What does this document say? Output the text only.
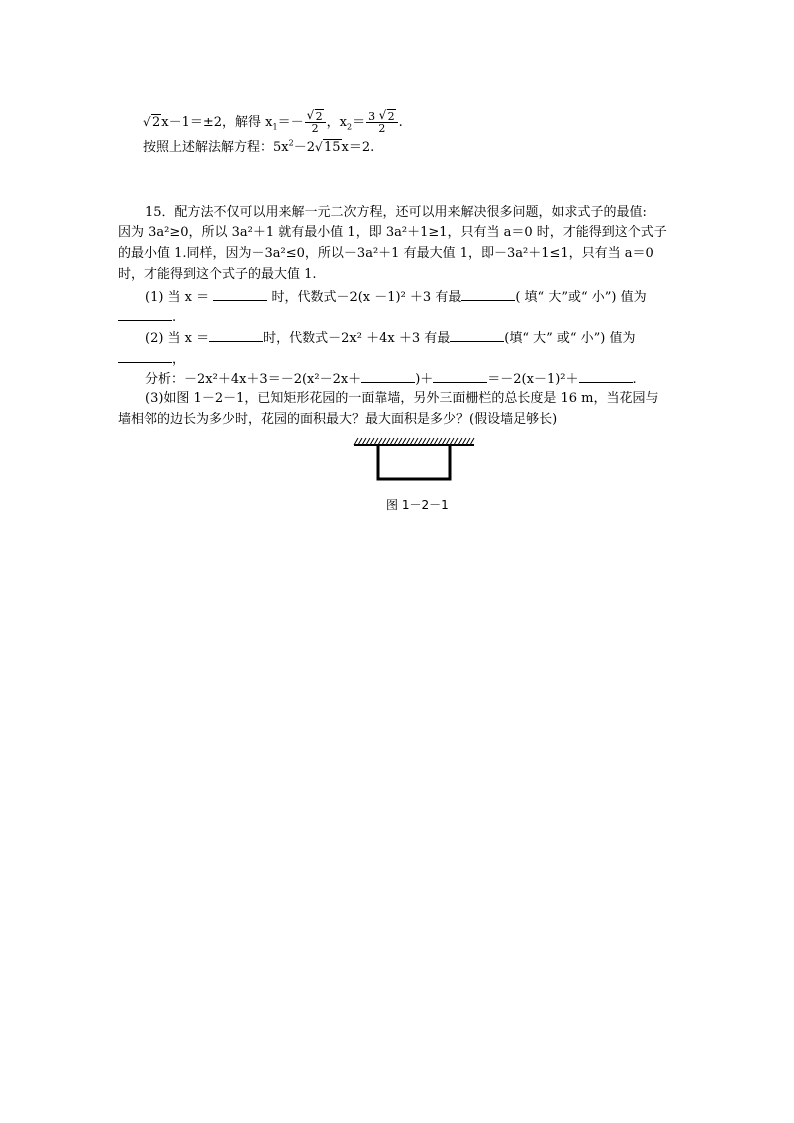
√ 2x－1＝±2，解得 $x_1=-$
√ $\frac{2}{2}$ ，$x_2= \frac{3 √ 2}{2}$ .
按照上述解法解方程：$5x^2-2√$ 15x＝2.
15．配方法不仅可以用来解一元二次方程，还可以用来解决很多问题，如求式子的最值:
因为 3a²≥0，所以 3a²＋1 就有最小值 1，即 3a²＋1≥1，只有当 a＝0 时，才能得到这个式子
的最小值 1.同样，因为－3a²≤0，所以－3a²＋1 有最大值 1，即－3a²＋1≤1，只有当 a＝0
时，才能得到这个式子的最大值 1.
(1) 当 x ＝	时，代数式－2(x －1)² ＋3 有最	( 填“ 大”或“ 小”) 值为
.
(2) 当 x ＝	时，代数式－2x² ＋4x ＋3 有最	(填“ 大” 或“ 小”) 值为
，
分析：－2x²＋4x＋3＝－2(x²－2x＋	)＋	＝－2(x－1)²＋	.
(3)如图 1－2－1，已知矩形花园的一面靠墙，另外三面栅栏的总长度是 16 m，当花园与
墙相邻的边长为多少时，花园的面积最大？最大面积是多少？(假设墙足够长)
图 1－2－1
